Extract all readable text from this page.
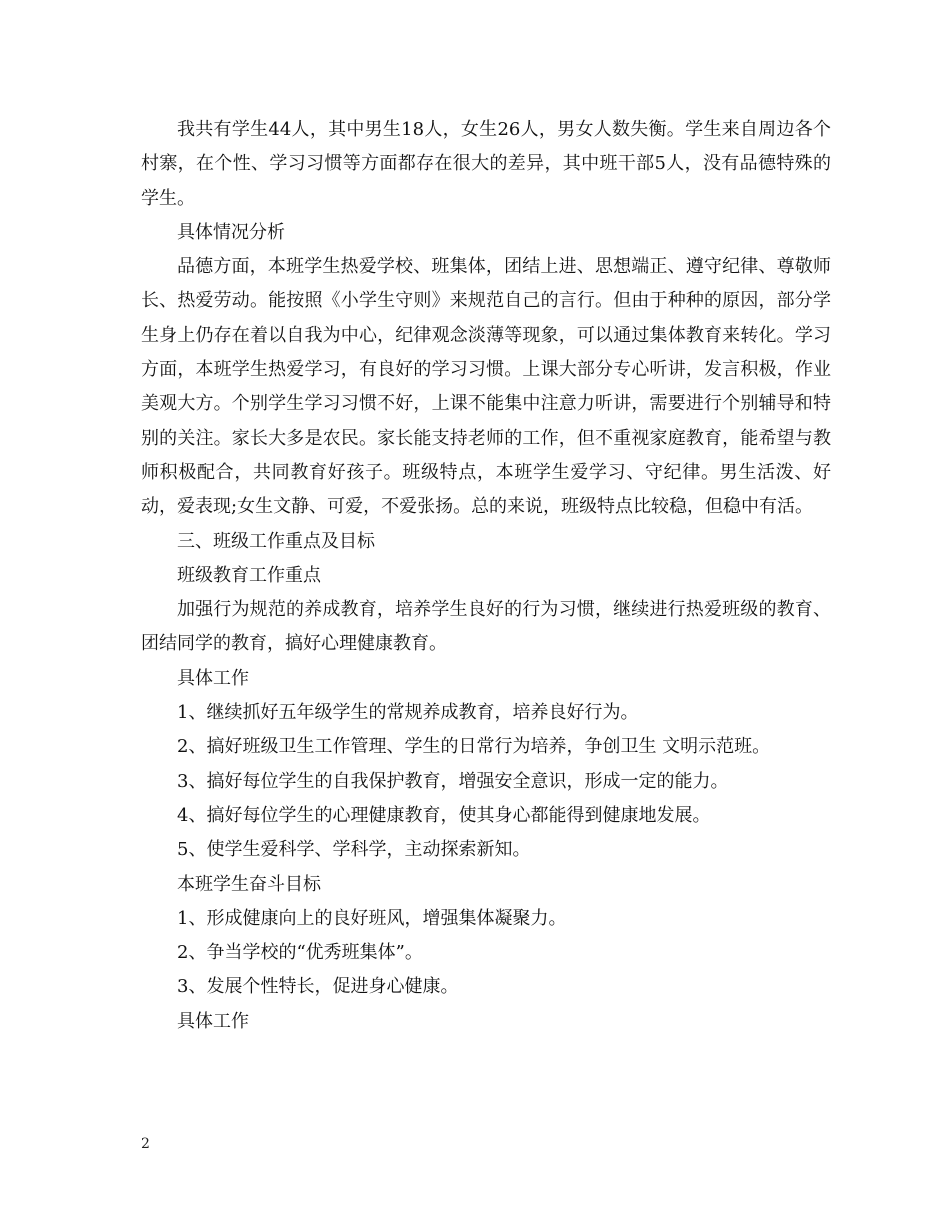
我共有学生44人，其中男生18人，女生26人，男女人数失衡。学生来自周边各个村寨，在个性、学习习惯等方面都存在很大的差异，其中班干部5人，没有品德特殊的学生。

具体情况分析

品德方面，本班学生热爱学校、班集体，团结上进、思想端正、遵守纪律、尊敬师长、热爱劳动。能按照《小学生守则》来规范自己的言行。但由于种种的原因，部分学生身上仍存在着以自我为中心，纪律观念淡薄等现象，可以通过集体教育来转化。学习方面，本班学生热爱学习，有良好的学习习惯。上课大部分专心听讲，发言积极，作业美观大方。个别学生学习习惯不好，上课不能集中注意力听讲，需要进行个别辅导和特别的关注。家长大多是农民。家长能支持老师的工作，但不重视家庭教育，能希望与教师积极配合，共同教育好孩子。班级特点，本班学生爱学习、守纪律。男生活泼、好动，爱表现;女生文静、可爱，不爱张扬。总的来说，班级特点比较稳，但稳中有活。

三、班级工作重点及目标

班级教育工作重点

加强行为规范的养成教育，培养学生良好的行为习惯，继续进行热爱班级的教育、团结同学的教育，搞好心理健康教育。

具体工作

1、继续抓好五年级学生的常规养成教育，培养良好行为。

2、搞好班级卫生工作管理、学生的日常行为培养，争创卫生 文明示范班。

3、搞好每位学生的自我保护教育，增强安全意识，形成一定的能力。

4、搞好每位学生的心理健康教育，使其身心都能得到健康地发展。

5、使学生爱科学、学科学，主动探索新知。

本班学生奋斗目标

1、形成健康向上的良好班风，增强集体凝聚力。

2、争当学校的“优秀班集体”。

3、发展个性特长，促进身心健康。

具体工作

2
